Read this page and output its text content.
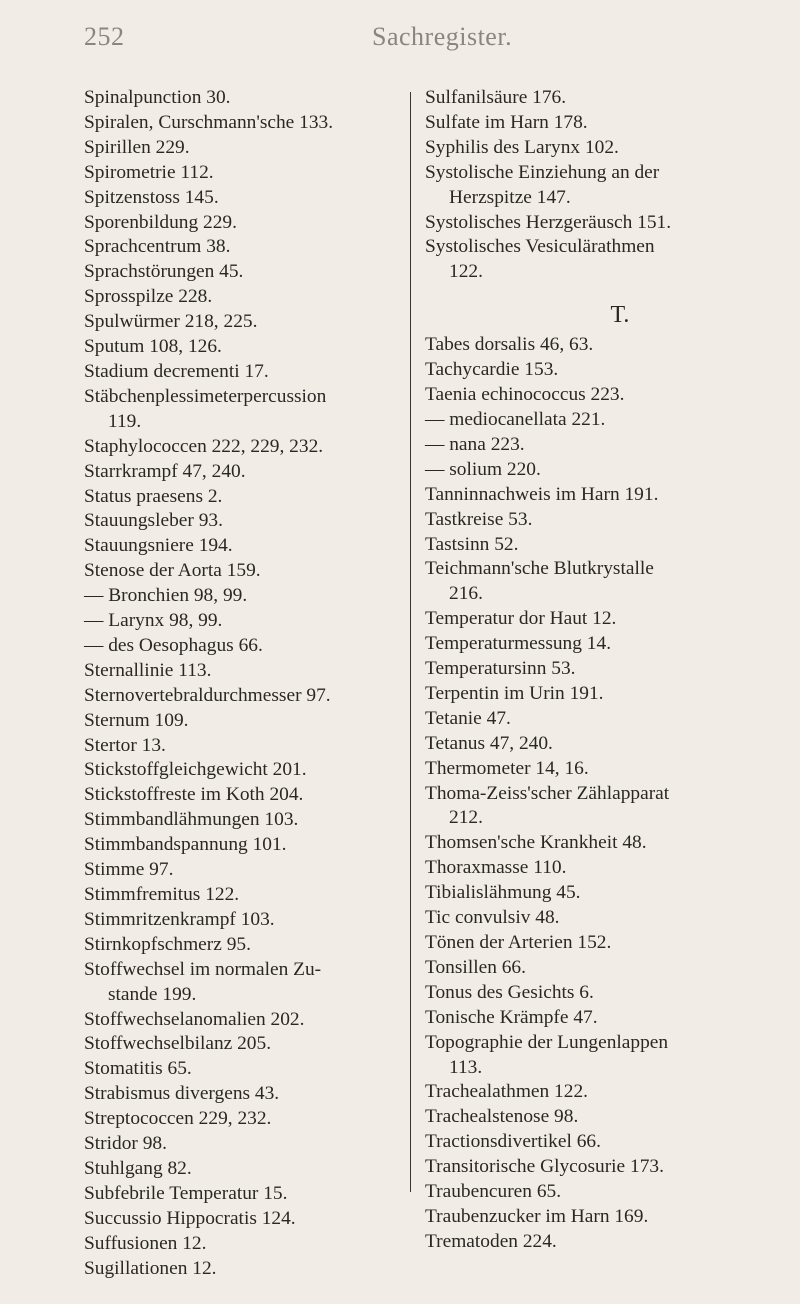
252	Sachregister.
Spinalpunction 30.
Spiralen, Curschmann'sche 133.
Spirillen 229.
Spirometrie 112.
Spitzenstoss 145.
Sporenbildung 229.
Sprachcentrum 38.
Sprachstörungen 45.
Sprosspilze 228.
Spulwürmer 218, 225.
Sputum 108, 126.
Stadium decrementi 17.
Stäbchenplessimeterpercussion
119.
Staphylococcen 222, 229, 232.
Starrkrampf 47, 240.
Status praesens 2.
Stauungsleber 93.
Stauungsniere 194.
Stenose der Aorta 159.
— Bronchien 98, 99.
— Larynx 98, 99.
— des Oesophagus 66.
Sternallinie 113.
Sternovertebraldurchmesser 97.
Sternum 109.
Stertor 13.
Stickstoffgleichgewicht 201.
Stickstoffreste im Koth 204.
Stimmbandlähmungen 103.
Stimmbandspannung 101.
Stimme 97.
Stimmfremitus 122.
Stimmritzenkrampf 103.
Stirnkopfschmerz 95.
Stoffwechsel im normalen Zu-
stande 199.
Stoffwechselanomalien 202.
Stoffwechselbilanz 205.
Stomatitis 65.
Strabismus divergens 43.
Streptococcen 229, 232.
Stridor 98.
Stuhlgang 82.
Subfebrile Temperatur 15.
Succussio Hippocratis 124.
Suffusionen 12.
Sugillationen 12.
Sulfanilsäure 176.
Sulfate im Harn 178.
Syphilis des Larynx 102.
Systolische Einziehung an der
Herzspitze 147.
Systolisches Herzgeräusch 151.
Systolisches Vesiculärathmen
122.
T.
Tabes dorsalis 46, 63.
Tachycardie 153.
Taenia echinococcus 223.
— mediocanellata 221.
— nana 223.
— solium 220.
Tanninnachweis im Harn 191.
Tastkreise 53.
Tastsinn 52.
Teichmann'sche Blutkrystalle
216.
Temperatur dor Haut 12.
Temperaturmessung 14.
Temperatursinn 53.
Terpentin im Urin 191.
Tetanie 47.
Tetanus 47, 240.
Thermometer 14, 16.
Thoma-Zeiss'scher Zählapparat
212.
Thomsen'sche Krankheit 48.
Thoraxmasse 110.
Tibialislähmung 45.
Tic convulsiv 48.
Tönen der Arterien 152.
Tonsillen 66.
Tonus des Gesichts 6.
Tonische Krämpfe 47.
Topographie der Lungenlappen
113.
Trachealathmen 122.
Trachealstenose 98.
Tractionsdivertikel 66.
Transitorische Glycosurie 173.
Traubencuren 65.
Traubenzucker im Harn 169.
Trematoden 224.
